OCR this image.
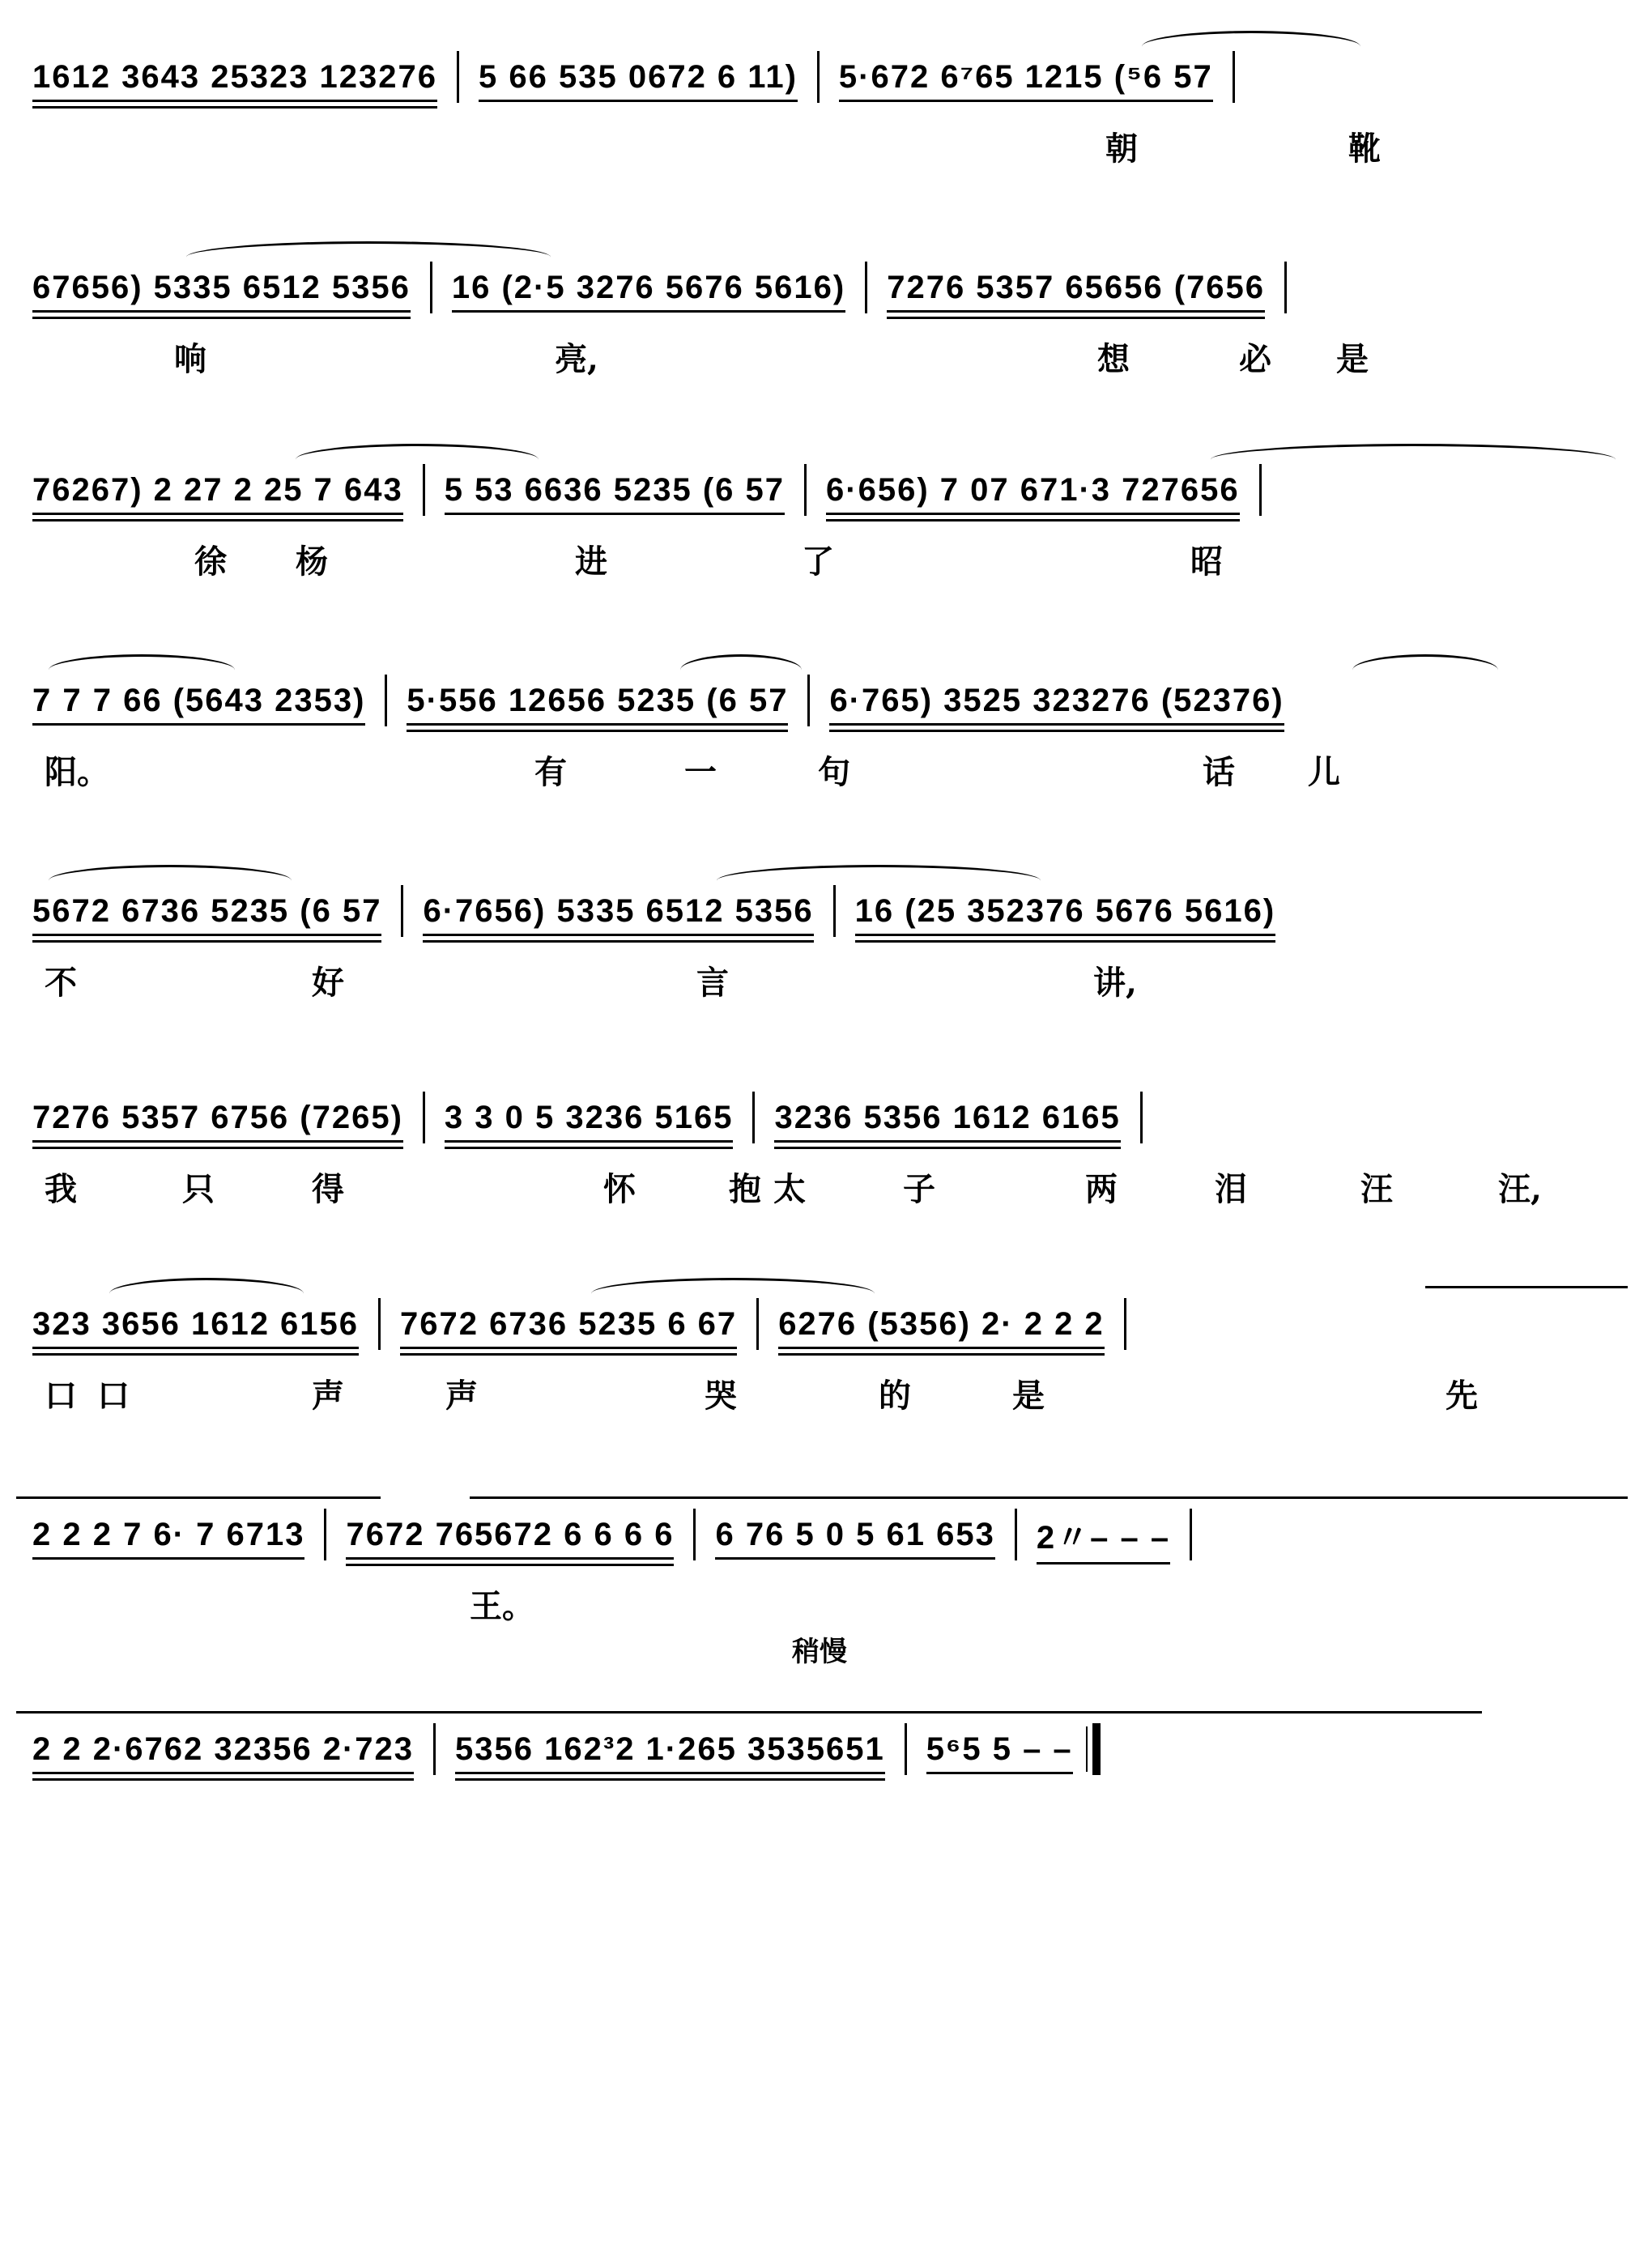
1612 3643 25323 123276 5 66 535 0672 6 11) 5·672 6⁷65 1215 (⁵6 57
朝	靴
67656) 5335 6512 5356 16 (2·5 3276 5676 5616) 7276 5357 65656 (7656
响	亮,	想	必 是
76267) 2 27 2 25 7 643 5 53 6636 5235 (6 57 6·656) 7 07 671·3 727656
徐 杨	进	了	昭
7 7 7 66 (5643 2353) 5·556 12656 5235 (6 57 6·765) 3525 323276 (52376)
阳。	有	一	句	话 儿
5672 6736 5235 (6 57 6·7656) 5335 6512 5356 16 (25 352376 5676 5616)
不	好	言	讲,
7276 5357 6756 (7265) 3 3 0 5 3236 5165 3236 5356 1612 6165
我	只	得	怀	抱 太	子	两	泪	汪	汪,
323 3656 1612 6156 7672 6736 5235 6 67 6276 (5356) 2· 2 2 2
口 口	声	声	哭	的	是	先
2 2 2 7 6· 7 6713 7672 765672 6 6 6 6 6 76 5 0 5 61 653 2〃– – –
王。
稍慢
2 2 2·6762 32356 2·723 5356 162³2 1·265 3535651 5⁶5 5 – –
